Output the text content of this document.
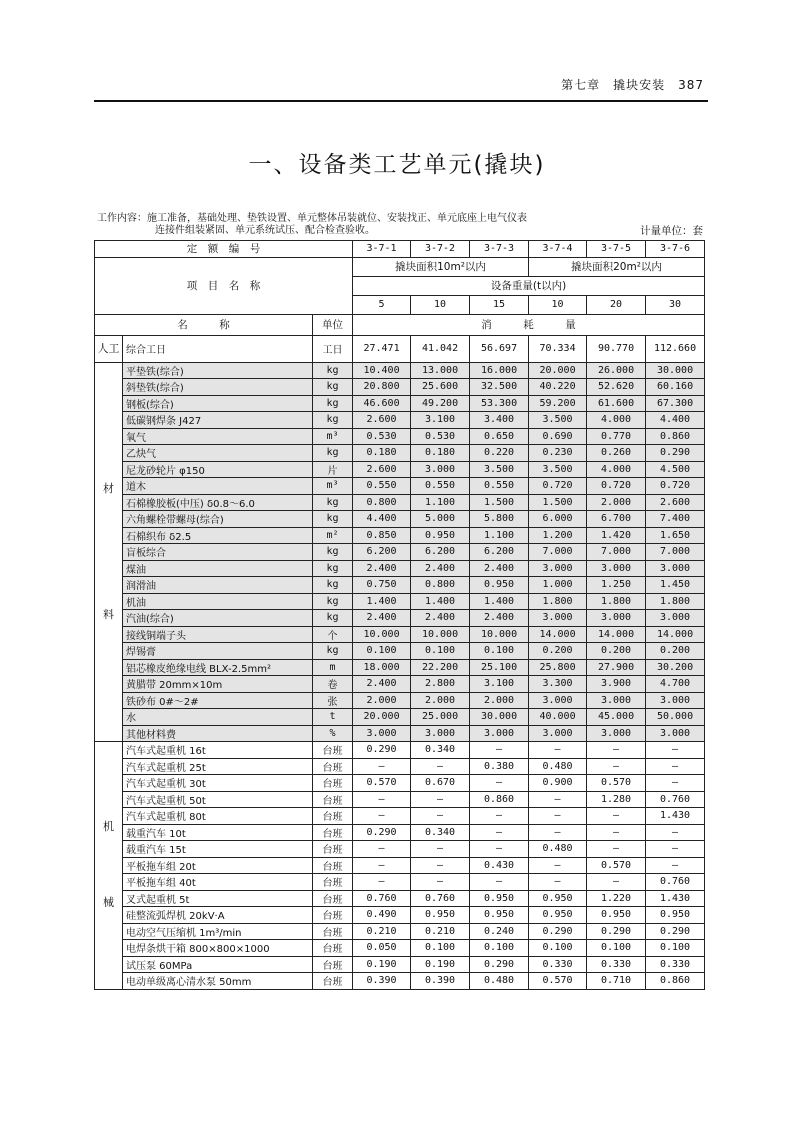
第七章　撬块安装　387
一、设备类工艺单元(撬块)
工作内容：施工准备，基础处理、垫铁设置、单元整体吊装就位、安装找正、单元底座上电气仪表
连接件组装紧固、单元系统试压、配合检查验收。	计量单位：套
定　额　编　号			3-7-1	3-7-2	3-7-3	3-7-4	3-7-5	3-7-6
项　目　名　称			撬块面积10m²以内			撬块面积20m²以内		
			设备重量(t以内)					
			5	10	15	10	20	30
名　　　称		单位	消　　　耗　　　量					
人工	综合工日	工日	27.471	41.042	56.697	70.334	90.770	112.660

材
料	平垫铁(综合)	kg	10.400	13.000	16.000	20.000	26.000	30.000
	斜垫铁(综合)	kg	20.800	25.600	32.500	40.220	52.620	60.160
	钢板(综合)	kg	46.600	49.200	53.300	59.200	61.600	67.300
	低碳钢焊条 J427	kg	2.600	3.100	3.400	3.500	4.000	4.400
	氧气	m³	0.530	0.530	0.650	0.690	0.770	0.860
	乙炔气	kg	0.180	0.180	0.220	0.230	0.260	0.290
	尼龙砂轮片 φ150	片	2.600	3.000	3.500	3.500	4.000	4.500
	道木	m³	0.550	0.550	0.550	0.720	0.720	0.720
	石棉橡胶板(中压) δ0.8～6.0	kg	0.800	1.100	1.500	1.500	2.000	2.600
	六角螺栓带螺母(综合)	kg	4.400	5.000	5.800	6.000	6.700	7.400
	石棉织布 δ2.5	m²	0.850	0.950	1.100	1.200	1.420	1.650
	盲板综合	kg	6.200	6.200	6.200	7.000	7.000	7.000
	煤油	kg	2.400	2.400	2.400	3.000	3.000	3.000
	润滑油	kg	0.750	0.800	0.950	1.000	1.250	1.450
	机油	kg	1.400	1.400	1.400	1.800	1.800	1.800
	汽油(综合)	kg	2.400	2.400	2.400	3.000	3.000	3.000
	接线铜端子头	个	10.000	10.000	10.000	14.000	14.000	14.000
	焊锡膏	kg	0.100	0.100	0.100	0.200	0.200	0.200
	铝芯橡皮绝缘电线 BLX-2.5mm²	m	18.000	22.200	25.100	25.800	27.900	30.200
	黄腊带 20mm×10m	卷	2.400	2.800	3.100	3.300	3.900	4.700
	铁砂布 0#～2#	张	2.000	2.000	2.000	3.000	3.000	3.000
	水	t	20.000	25.000	30.000	40.000	45.000	50.000
	其他材料费	%	3.000	3.000	3.000	3.000	3.000	3.000

机
械	汽车式起重机 16t	台班	0.290	0.340	—	—	—	—
	汽车式起重机 25t	台班	—	—	0.380	0.480	—	—
	汽车式起重机 30t	台班	0.570	0.670	—	0.900	0.570	—
	汽车式起重机 50t	台班	—	—	0.860	—	1.280	0.760
	汽车式起重机 80t	台班	—	—	—	—	—	1.430
	载重汽车 10t	台班	0.290	0.340	—	—	—	—
	载重汽车 15t	台班	—	—	—	0.480	—	—
	平板拖车组 20t	台班	—	—	0.430	—	0.570	—
	平板拖车组 40t	台班	—	—	—	—	—	0.760
	叉式起重机 5t	台班	0.760	0.760	0.950	0.950	1.220	1.430
	硅整流弧焊机 20kV·A	台班	0.490	0.950	0.950	0.950	0.950	0.950
	电动空气压缩机 1m³/min	台班	0.210	0.210	0.240	0.290	0.290	0.290
	电焊条烘干箱 800×800×1000	台班	0.050	0.100	0.100	0.100	0.100	0.100
	试压泵 60MPa	台班	0.190	0.190	0.290	0.330	0.330	0.330
	电动单级离心清水泵 50mm	台班	0.390	0.390	0.480	0.570	0.710	0.860
